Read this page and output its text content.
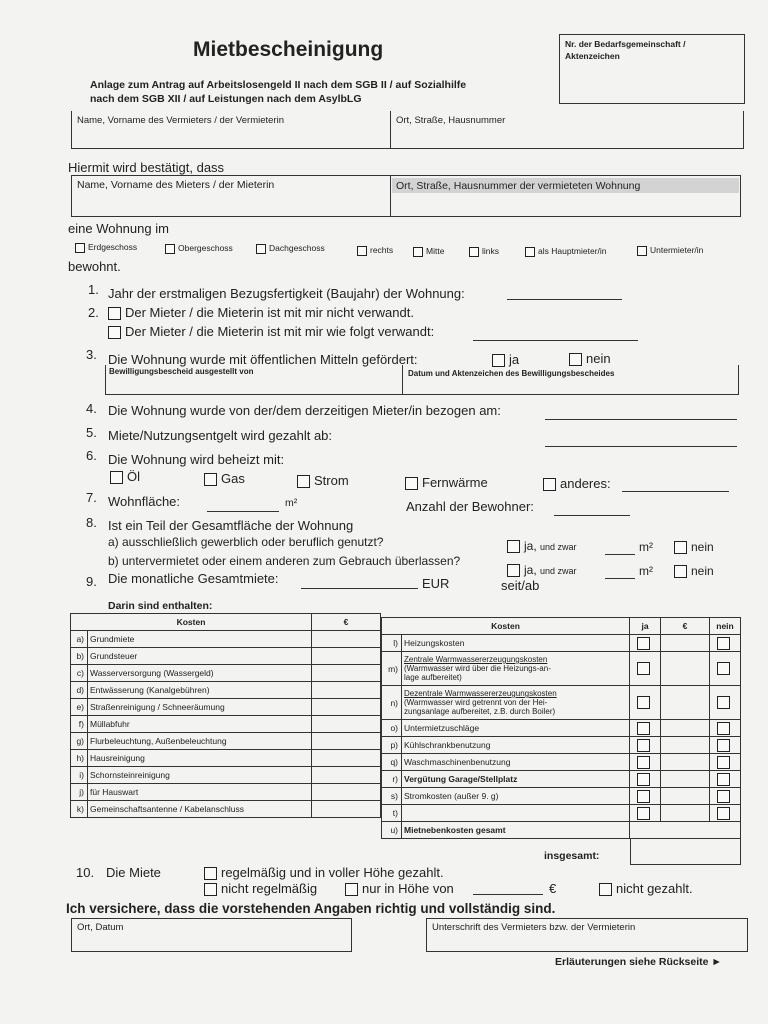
Mietbescheinigung
Anlage zum Antrag auf Arbeitslosengeld II nach dem SGB II / auf Sozialhilfe
nach dem SGB XII / auf Leistungen nach dem AsylbLG
Nr. der Bedarfsgemeinschaft /
Aktenzeichen
Name, Vorname des Vermieters / der Vermieterin	Ort, Straße, Hausnummer
Hiermit wird bestätigt, dass
Name, Vorname des Mieters / der Mieterin	Ort, Straße, Hausnummer der vermieteten Wohnung
eine Wohnung im
Erdgeschoss	Obergeschoss	Dachgeschoss	rechts	Mitte	links	als Hauptmieter/in	Untermieter/in
bewohnt.
1. Jahr der erstmaligen Bezugsfertigkeit (Baujahr) der Wohnung:
2.	Der Mieter / die Mieterin ist mit mir nicht verwandt.
Der Mieter / die Mieterin ist mit mir wie folgt verwandt:
3. Die Wohnung wurde mit öffentlichen Mitteln gefördert:	ja	nein
Bewilligungsbescheid ausgestellt von	Datum und Aktenzeichen des Bewilligungsbescheides
4. Die Wohnung wurde von der/dem derzeitigen Mieter/in bezogen am:
5. Miete/Nutzungsentgelt wird gezahlt ab:
6. Die Wohnung wird beheizt mit:
Öl	Gas	Strom	Fernwärme	anderes:
7. Wohnfläche:	m²	Anzahl der Bewohner:
8. Ist ein Teil der Gesamtfläche der Wohnung
a) ausschließlich gewerblich oder beruflich genutzt?	ja, und zwar	m²	nein
b) untervermietet oder einem anderen zum Gebrauch überlassen?
ja, und zwar	m²	nein
9. Die monatliche Gesamtmiete:	EUR	seit/ab
Darin sind enthalten:
Kosten		€
a)	Grundmiete	
b)	Grundsteuer	
c)	Wasserversorgung (Wassergeld)	
d)	Entwässerung (Kanalgebühren)	
e)	Straßenreinigung / Schneeräumung	
f)	Müllabfuhr	
g)	Flurbeleuchtung, Außenbeleuchtung	
h)	Hausreinigung	
i)	Schornsteinreinigung	
j)	für Hauswart	
k)	Gemeinschaftsantenne / Kabelanschluss	
Kosten		ja	€	nein
l)	Heizungskosten			
m)	Zentrale Warmwassererzeugungskosten
(Warmwasser wird über die Heizungs-an-
lage aufbereitet)			
n)	Dezentrale Warmwassererzeugungskosten
(Warmwasser wird getrennt von der Hei-
zungsanlage aufbereitet, z.B. durch Boiler)			
o)	Untermietzuschläge			
p)	Kühlschrankbenutzung			
q)	Waschmaschinenbenutzung			
r)	Vergütung Garage/Stellplatz			
s)	Stromkosten (außer 9. g)			
t)				
u)	Mietnebenkosten gesamt			
insgesamt:
10. Die Miete	regelmäßig und in voller Höhe gezahlt.
nicht regelmäßig	nur in Höhe von	€	nicht gezahlt.
Ich versichere, dass die vorstehenden Angaben richtig und vollständig sind.
Ort, Datum	Unterschrift des Vermieters bzw. der Vermieterin
Erläuterungen siehe Rückseite ►
